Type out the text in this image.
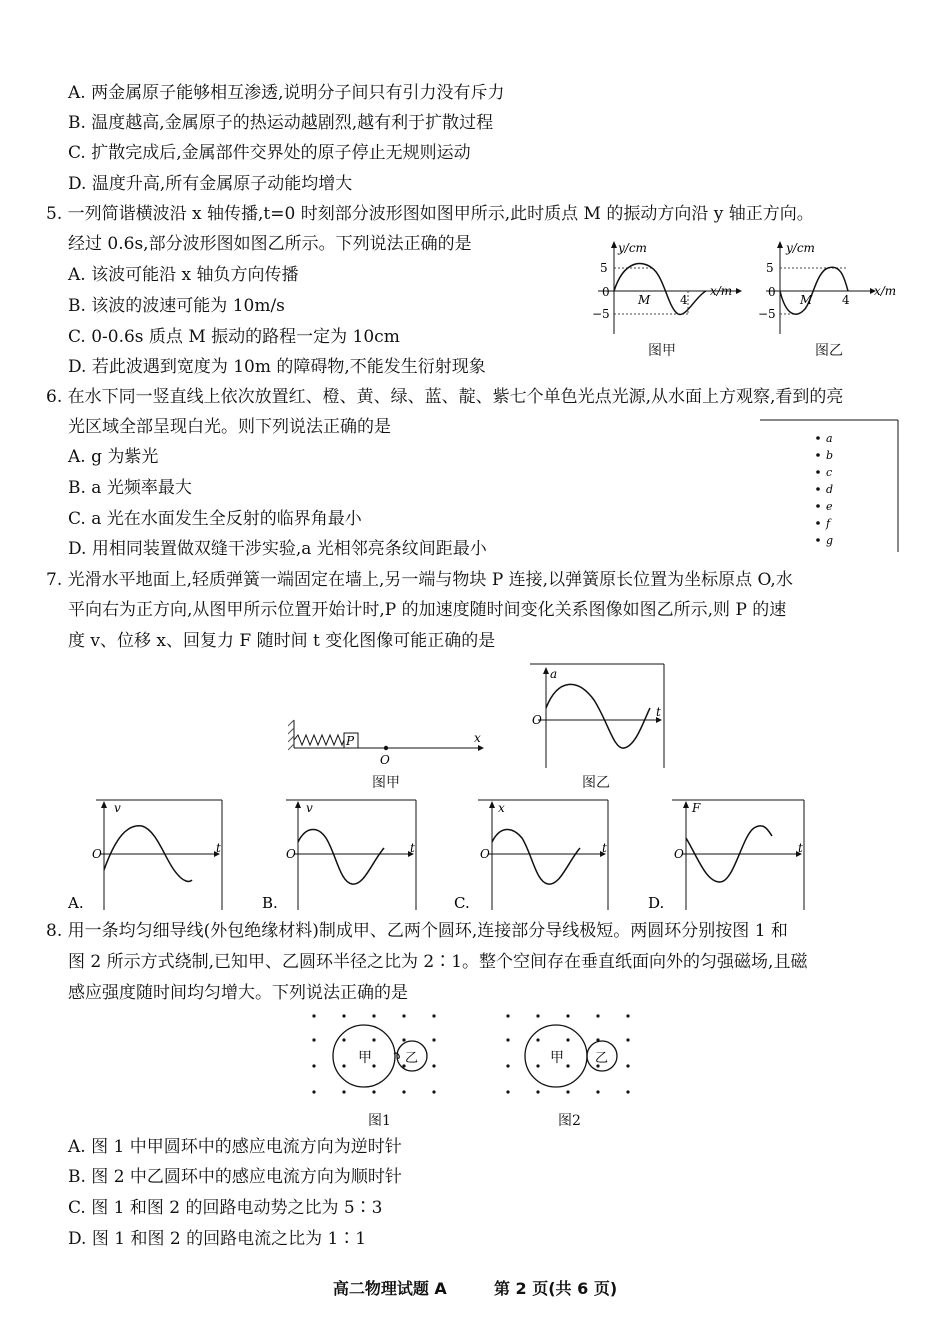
A. 两金属原子能够相互渗透,说明分子间只有引力没有斥力
B. 温度越高,金属原子的热运动越剧烈,越有利于扩散过程
C. 扩散完成后,金属部件交界处的原子停止无规则运动
D. 温度升高,所有金属原子动能均增大
5. 一列简谐横波沿 x 轴传播,t=0 时刻部分波形图如图甲所示,此时质点 M 的振动方向沿 y 轴正方向。
经过 0.6s,部分波形图如图乙所示。下列说法正确的是
A. 该波可能沿 x 轴负方向传播
B. 该波的波速可能为 10m/s
C. 0-0.6s 质点 M 振动的路程一定为 10cm
D. 若此波遇到宽度为 10m 的障碍物,不能发生衍射现象
y/cm
x/m
5
0
−5
M 4
图甲
y/cm
x/m
5
0
−5
M 4
图乙
6. 在水下同一竖直线上依次放置红、橙、黄、绿、蓝、靛、紫七个单色光点光源,从水面上方观察,看到的亮
光区域全部呈现白光。则下列说法正确的是
A. g 为紫光
B. a 光频率最大
C. a 光在水面发生全反射的临界角最小
D. 用相同装置做双缝干涉实验,a 光相邻亮条纹间距最小
a
b
c
d
e
f
g
7. 光滑水平地面上,轻质弹簧一端固定在墙上,另一端与物块 P 连接,以弹簧原长位置为坐标原点 O,水
平向右为正方向,从图甲所示位置开始计时,P 的加速度随时间变化关系图像如图乙所示,则 P 的速
度 v、位移 x、回复力 F 随时间 t 变化图像可能正确的是
P
O
x
图甲
a
O
t
图乙
v
O	t
A.
v
O	t
B.
x
O	t
C.
F
O	t
D.
8. 用一条均匀细导线(外包绝缘材料)制成甲、乙两个圆环,连接部分导线极短。两圆环分别按图 1 和
图 2 所示方式绕制,已知甲、乙圆环半径之比为 2∶1。整个空间存在垂直纸面向外的匀强磁场,且磁
感应强度随时间均匀增大。下列说法正确的是
甲	乙
图1
甲 乙
图2
A. 图 1 中甲圆环中的感应电流方向为逆时针
B. 图 2 中乙圆环中的感应电流方向为顺时针
C. 图 1 和图 2 的回路电动势之比为 5∶3
D. 图 1 和图 2 的回路电流之比为 1∶1
高二物理试题 A	第 2 页(共 6 页)
